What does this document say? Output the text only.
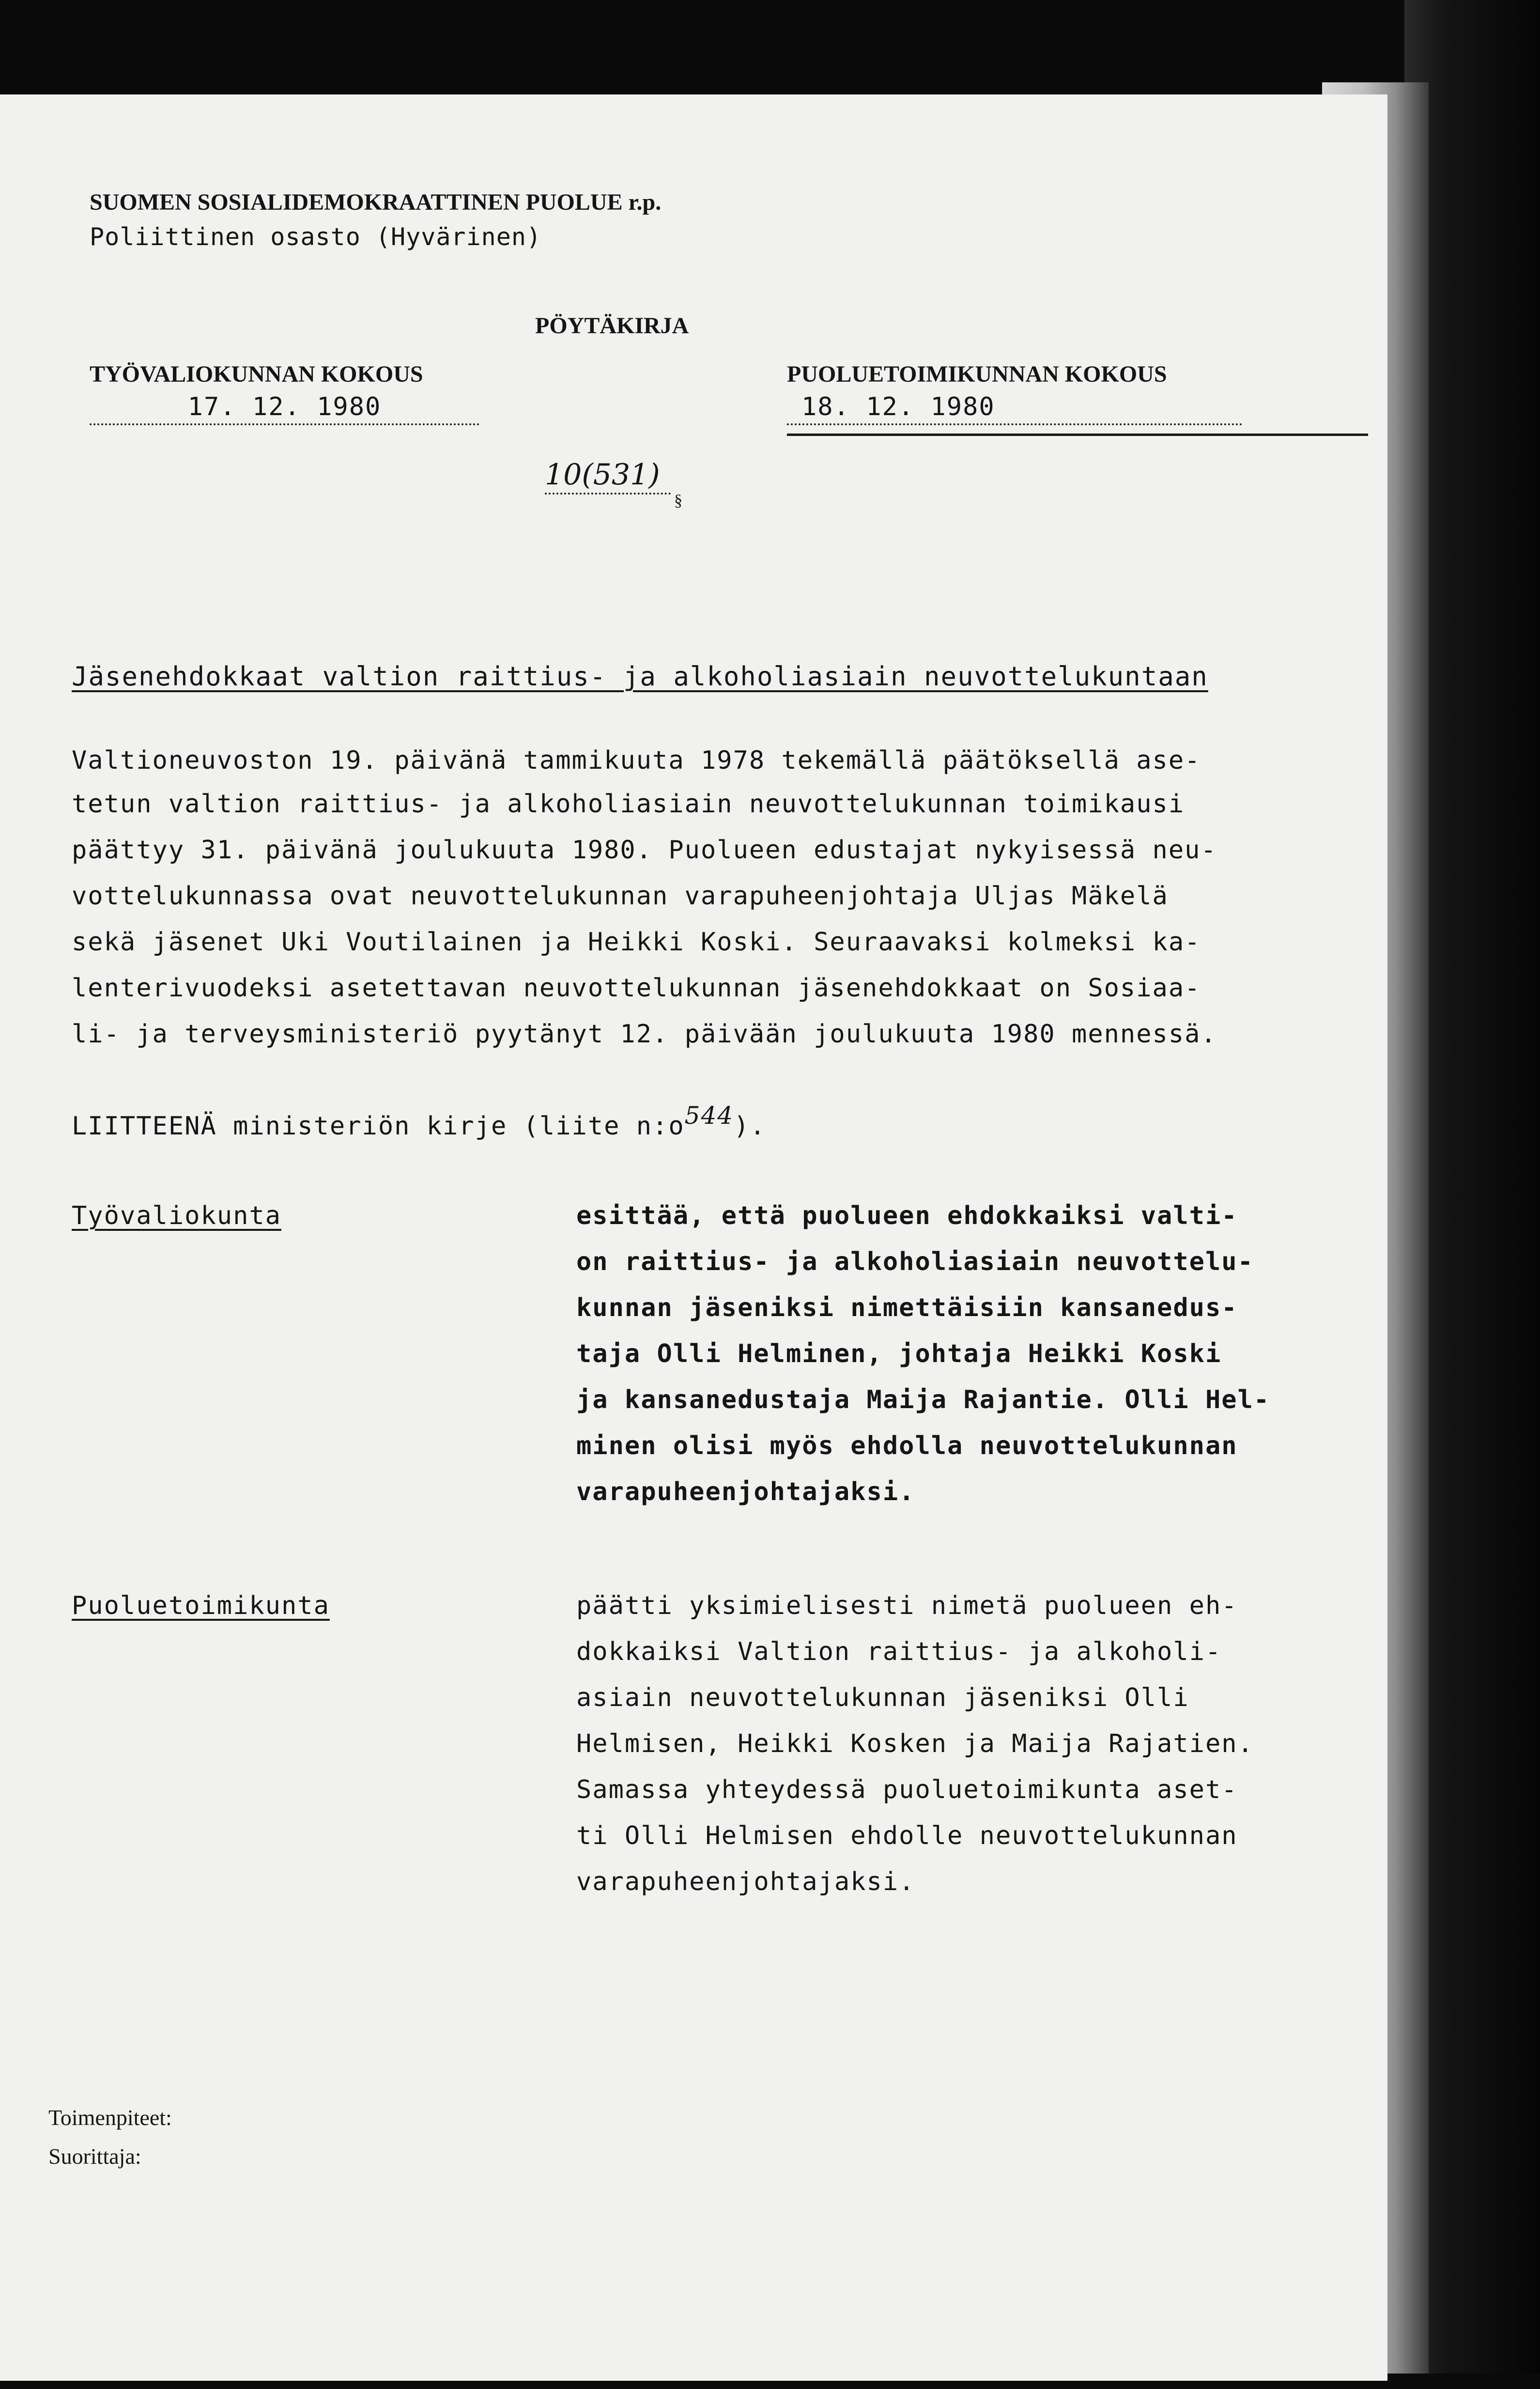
SUOMEN SOSIALIDEMOKRAATTINEN PUOLUE r.p.
Poliittinen osasto (Hyvärinen)
PÖYTÄKIRJA
TYÖVALIOKUNNAN KOKOUS
17. 12. 1980
PUOLUETOIMIKUNNAN KOKOUS
18. 12. 1980
10(531)
§
Jäsenehdokkaat valtion raittius- ja alkoholiasiain neuvottelukuntaan
Valtioneuvoston 19. päivänä tammikuuta 1978 tekemällä päätöksellä ase-
tetun valtion raittius- ja alkoholiasiain neuvottelukunnan toimikausi
päättyy 31. päivänä joulukuuta 1980. Puolueen edustajat nykyisessä neu-
vottelukunnassa ovat neuvottelukunnan varapuheenjohtaja Uljas Mäkelä
sekä jäsenet Uki Voutilainen ja Heikki Koski. Seuraavaksi kolmeksi ka-
lenterivuodeksi asetettavan neuvottelukunnan jäsenehdokkaat on Sosiaa-
li- ja terveysministeriö pyytänyt 12. päivään joulukuuta 1980 mennessä.
LIITTEENÄ ministeriön kirje (liite n:o544).
Työvaliokunta	esittää, että puolueen ehdokkaiksi valti-
on raittius- ja alkoholiasiain neuvottelu-
kunnan jäseniksi nimettäisiin kansanedus-
taja Olli Helminen, johtaja Heikki Koski
ja kansanedustaja Maija Rajantie. Olli Hel-
minen olisi myös ehdolla neuvottelukunnan
varapuheenjohtajaksi.
Puoluetoimikunta	päätti yksimielisesti nimetä puolueen eh-
dokkaiksi Valtion raittius- ja alkoholi-
asiain neuvottelukunnan jäseniksi Olli
Helmisen, Heikki Kosken ja Maija Rajatien.
Samassa yhteydessä puoluetoimikunta aset-
ti Olli Helmisen ehdolle neuvottelukunnan
varapuheenjohtajaksi.
Toimenpiteet:
Suorittaja:
